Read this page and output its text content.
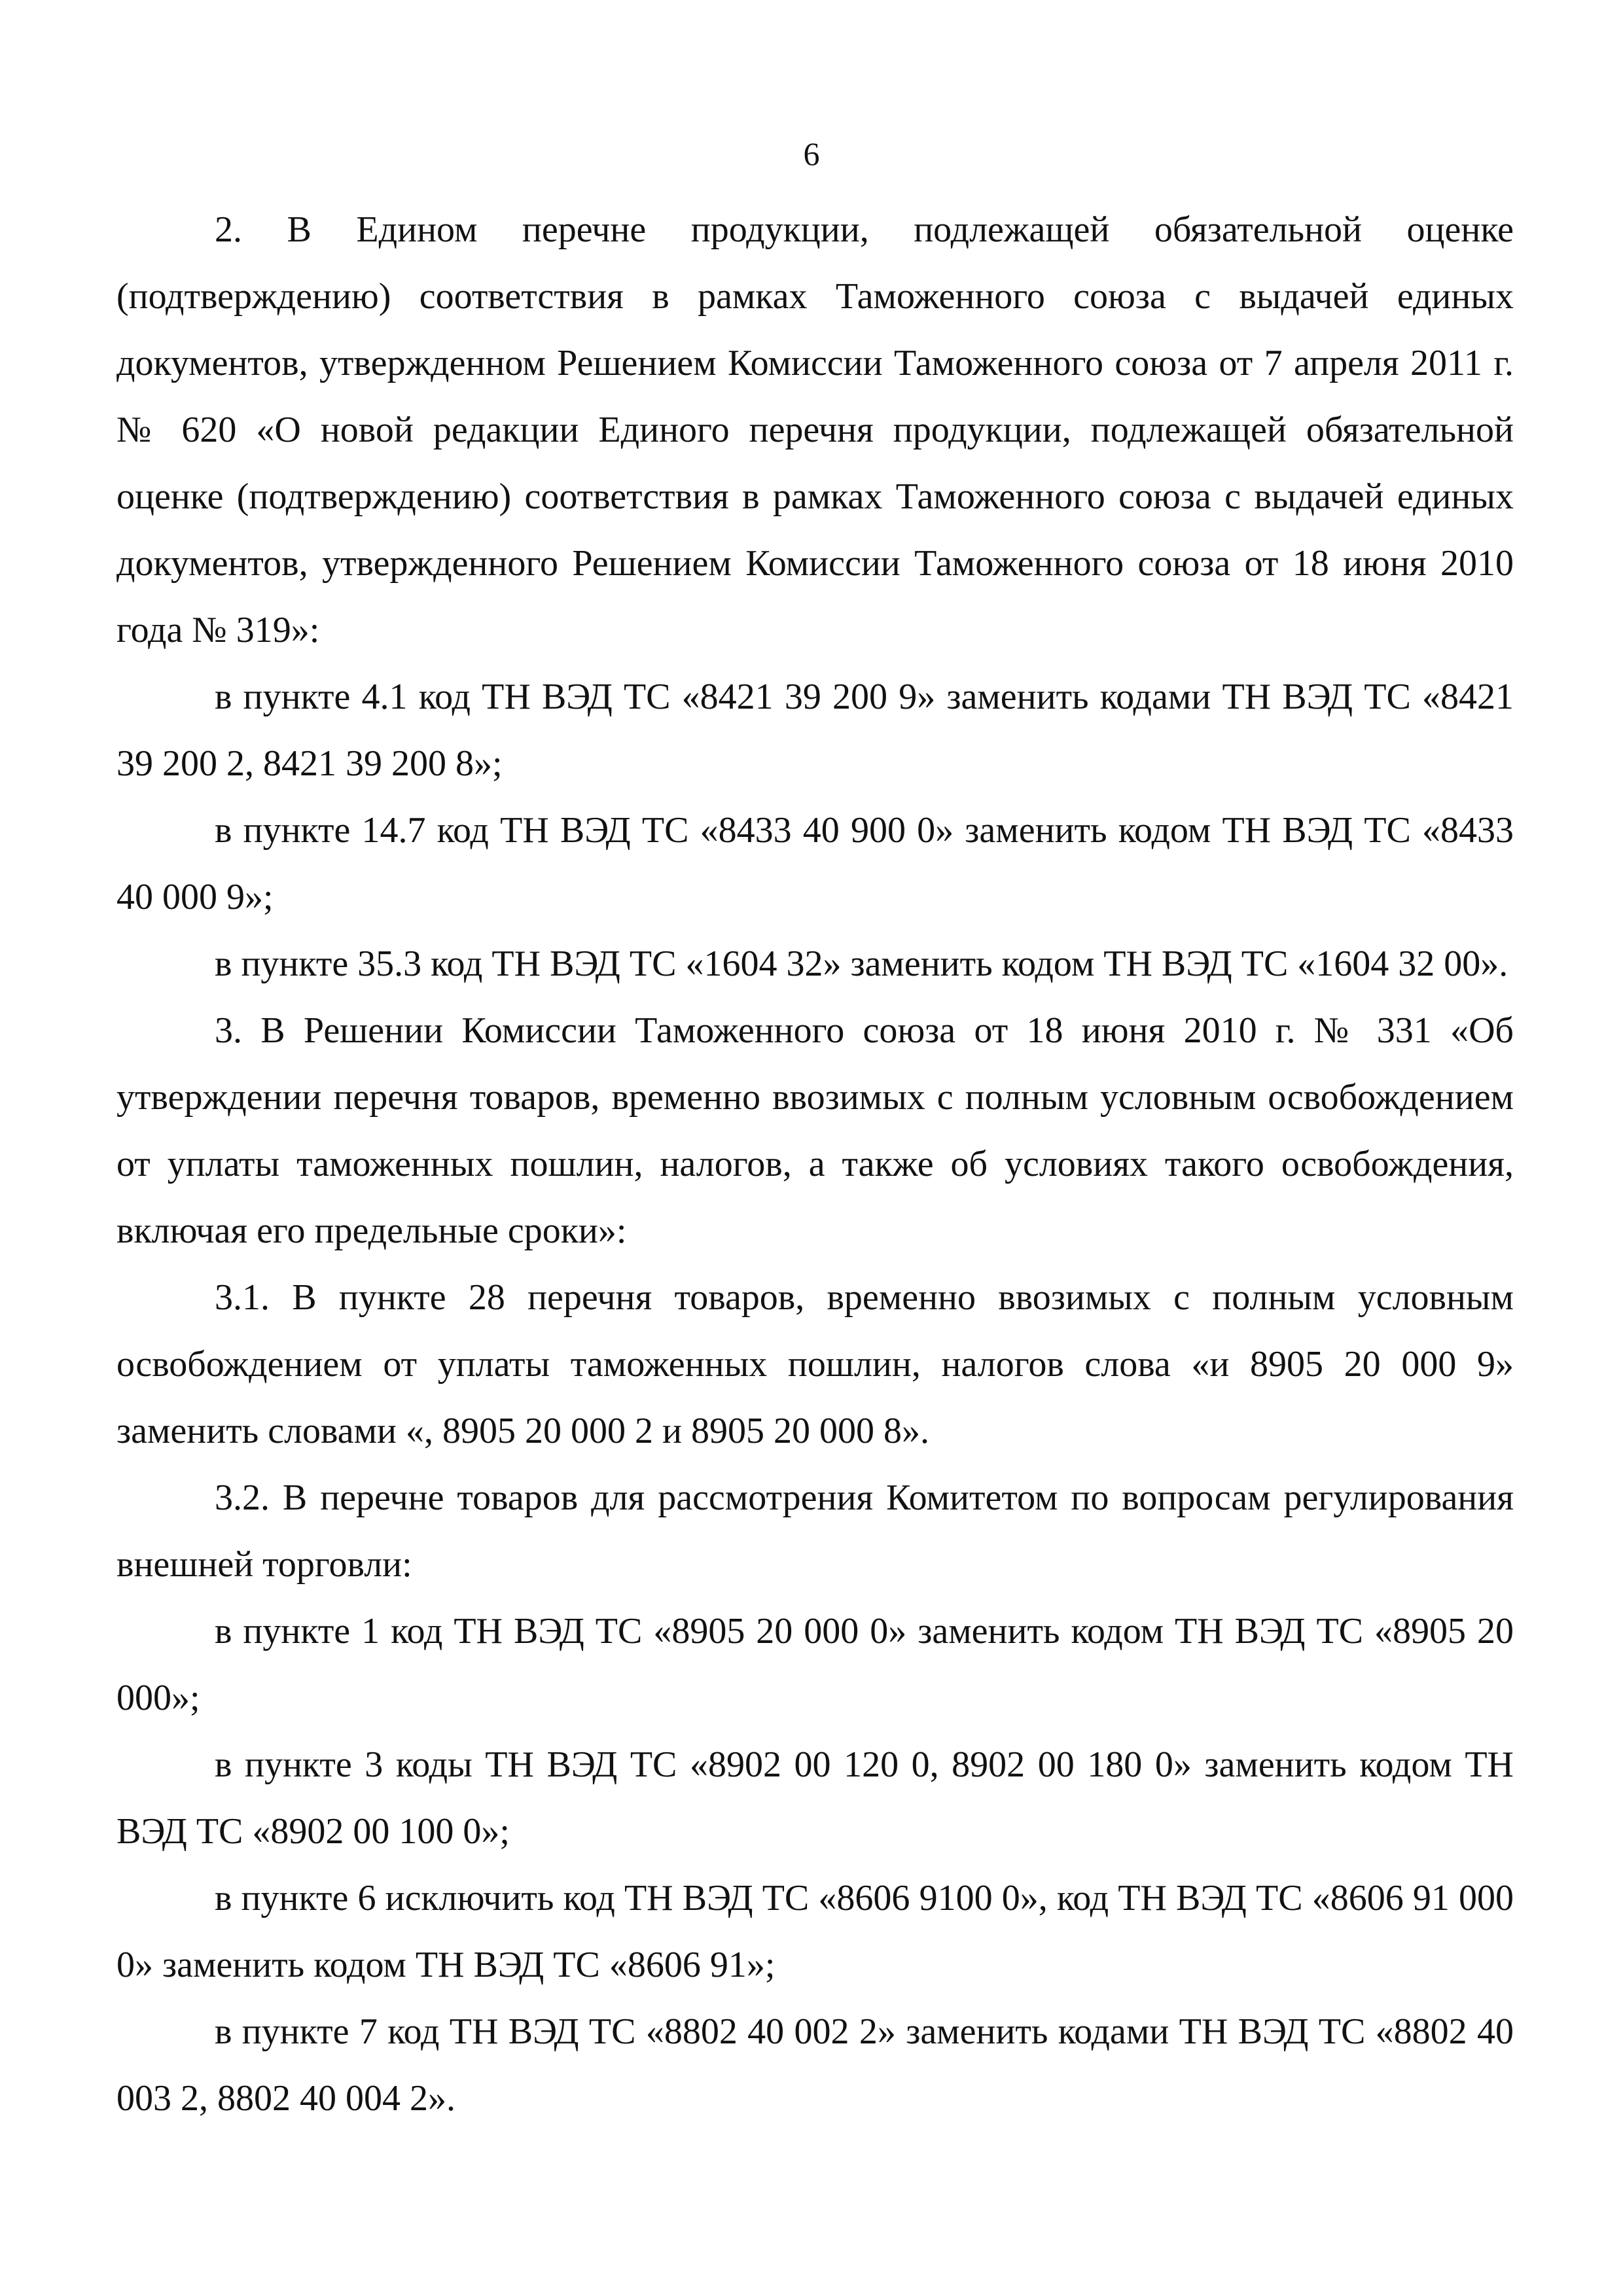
6

2. В Едином перечне продукции, подлежащей обязательной оценке (подтверждению) соответствия в рамках Таможенного союза с выдачей единых документов, утвержденном Решением Комиссии Таможенного союза от 7 апреля 2011 г. № 620 «О новой редакции Единого перечня продукции, подлежащей обязательной оценке (подтверждению) соответствия в рамках Таможенного союза с выдачей единых документов, утвержденного Решением Комиссии Таможенного союза от 18 июня 2010 года № 319»:

в пункте 4.1 код ТН ВЭД ТС «8421 39 200 9» заменить кодами ТН ВЭД ТС «8421 39 200 2, 8421 39 200 8»;

в пункте 14.7 код ТН ВЭД ТС «8433 40 900 0» заменить кодом ТН ВЭД ТС «8433 40 000 9»;

в пункте 35.3 код ТН ВЭД ТС «1604 32» заменить кодом ТН ВЭД ТС «1604 32 00».

3. В Решении Комиссии Таможенного союза от 18 июня 2010 г. № 331 «Об утверждении перечня товаров, временно ввозимых с полным условным освобождением от уплаты таможенных пошлин, налогов, а также об условиях такого освобождения, включая его предельные сроки»:

3.1. В пункте 28 перечня товаров, временно ввозимых с полным условным освобождением от уплаты таможенных пошлин, налогов слова «и 8905 20 000 9» заменить словами «, 8905 20 000 2 и 8905 20 000 8».

3.2. В перечне товаров для рассмотрения Комитетом по вопросам регулирования внешней торговли:

в пункте 1 код ТН ВЭД ТС «8905 20 000 0» заменить кодом ТН ВЭД ТС «8905 20 000»;

в пункте 3 коды ТН ВЭД ТС «8902 00 120 0, 8902 00 180 0» заменить кодом ТН ВЭД ТС «8902 00 100 0»;

в пункте 6 исключить код ТН ВЭД ТС «8606 9100 0», код ТН ВЭД ТС «8606 91 000 0» заменить кодом ТН ВЭД ТС «8606 91»;

в пункте 7 код ТН ВЭД ТС «8802 40 002 2» заменить кодами ТН ВЭД ТС «8802 40 003 2, 8802 40 004 2».
